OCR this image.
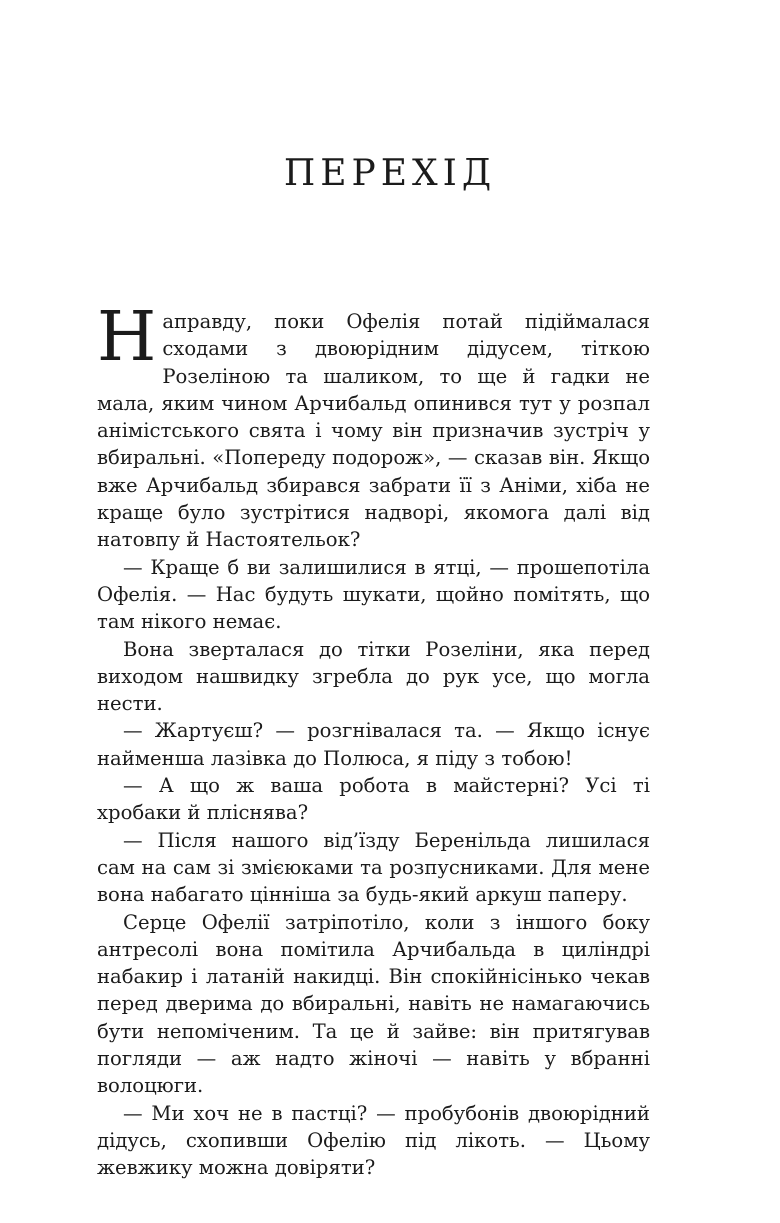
ПЕРЕХІД

Направду, поки Офелія потай підіймалася сходами з двоюрідним дідусем, тіткою Розеліною та шаликом, то ще й гадки не мала, яким чином Арчибальд опинився тут у розпал анімістського свята і чому він призначив зустріч у вбиральні. «Попереду подорож», — сказав він. Якщо вже Арчибальд збирався забрати її з Аніми, хіба не краще було зустрітися надворі, якомога далі від натовпу й Настоятельок?

— Краще б ви залишилися в ятці, — прошепотіла Офелія. — Нас будуть шукати, щойно помітять, що там нікого немає.

Вона зверталася до тітки Розеліни, яка перед виходом нашвидку згребла до рук усе, що могла нести.

— Жартуєш? — розгнівалася та. — Якщо існує найменша лазівка до Полюса, я піду з тобою!

— А що ж ваша робота в майстерні? Усі ті хробаки й пліснява?

— Після нашого від’їзду Беренільда лишилася сам на сам зі змієюками та розпусниками. Для мене вона набагато цінніша за будь-який аркуш паперу.

Серце Офелії затріпотіло, коли з іншого боку антресолі вона помітила Арчибальда в циліндрі набакир і латаній накидці. Він спокійнісінько чекав перед дверима до вбиральні, навіть не намагаючись бути непоміченим. Та це й зайве: він притягував погляди — аж надто жіночі — навіть у вбранні волоцюги.

— Ми хоч не в пастці? — пробубонів двоюрідний дідусь, схопивши Офелію під лікоть. — Цьому жевжику можна довіряти?
